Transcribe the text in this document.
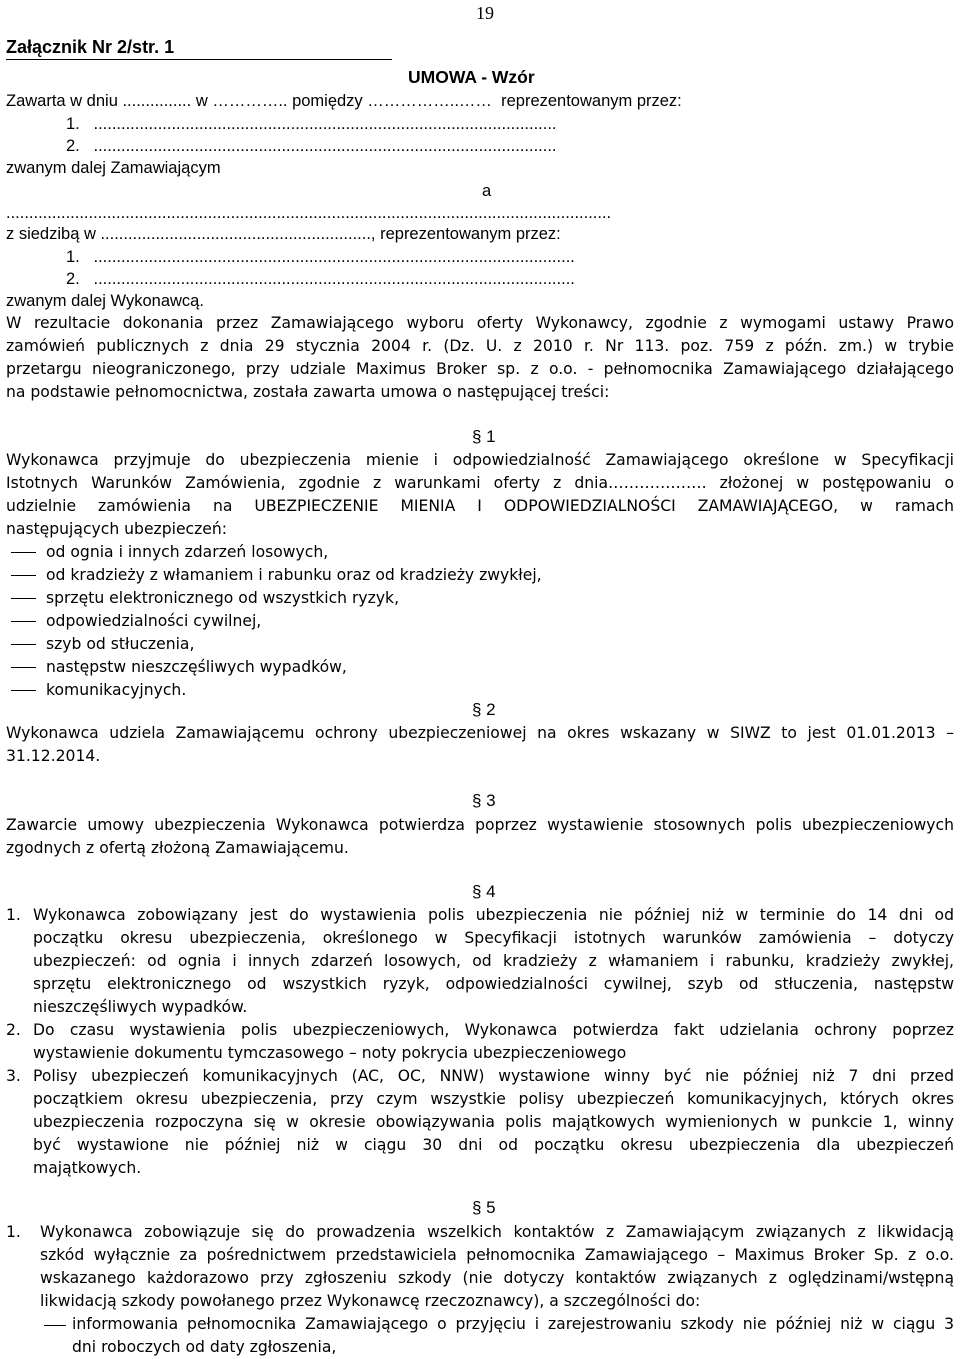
19
Załącznik Nr 2/str. 1
UMOWA - Wzór
Zawarta w dniu ............... w ………….. pomiędzy ……………..……  reprezentowanym przez:
1.   .....................................................................................................
2.   .....................................................................................................
zwanym dalej Zamawiającym
a
....................................................................................................................................
z siedzibą w ..........................................................., reprezentowanym przez:
1.   .........................................................................................................
2.   .........................................................................................................
zwanym dalej Wykonawcą.
W rezultacie dokonania przez Zamawiającego wyboru oferty Wykonawcy, zgodnie z wymogami ustawy Prawo
zamówień publicznych z dnia 29 stycznia 2004 r. (Dz. U. z 2010 r. Nr 113. poz. 759 z późn. zm.) w trybie
przetargu nieograniczonego, przy udziale Maximus Broker sp. z o.o. - pełnomocnika Zamawiającego działającego
na podstawie pełnomocnictwa, została zawarta umowa o następującej treści:
§ 1
Wykonawca przyjmuje do ubezpieczenia mienie i odpowiedzialność Zamawiającego określone w Specyfikacji
Istotnych Warunków Zamówienia, zgodnie z warunkami oferty z dnia………………. złożonej w postępowaniu o
udzielnie zamówienia na UBEZPIECZENIE MIENIA I ODPOWIEDZIALNOŚCI ZAMAWIAJĄCEGO, w ramach
następujących ubezpieczeń:
od ognia i innych zdarzeń losowych,
od kradzieży z włamaniem i rabunku oraz od kradzieży zwykłej,
sprzętu elektronicznego od wszystkich ryzyk,
odpowiedzialności cywilnej,
szyb od stłuczenia,
następstw nieszczęśliwych wypadków,
komunikacyjnych.
§ 2
Wykonawca udziela Zamawiającemu ochrony ubezpieczeniowej na okres wskazany w SIWZ to jest 01.01.2013 –
31.12.2014.
§ 3
Zawarcie umowy ubezpieczenia Wykonawca potwierdza poprzez wystawienie stosownych polis ubezpieczeniowych
zgodnych z ofertą złożoną Zamawiającemu.
§ 4
1. Wykonawca zobowiązany jest do wystawienia polis ubezpieczenia nie później niż w terminie do 14 dni od
początku okresu ubezpieczenia, określonego w Specyfikacji istotnych warunków zamówienia – dotyczy
ubezpieczeń: od ognia i innych zdarzeń losowych, od kradzieży z włamaniem i rabunku, kradzieży zwykłej,
sprzętu elektronicznego od wszystkich ryzyk, odpowiedzialności cywilnej, szyb od stłuczenia, następstw
nieszczęśliwych wypadków.
2. Do czasu wystawienia polis ubezpieczeniowych, Wykonawca potwierdza fakt udzielania ochrony poprzez
wystawienie dokumentu tymczasowego – noty pokrycia ubezpieczeniowego
3. Polisy ubezpieczeń komunikacyjnych (AC, OC, NNW) wystawione winny być nie później niż 7 dni przed
początkiem okresu ubezpieczenia, przy czym wszystkie polisy ubezpieczeń komunikacyjnych, których okres
ubezpieczenia rozpoczyna się w okresie obowiązywania polis majątkowych wymienionych w punkcie 1, winny
być wystawione nie później niż w ciągu 30 dni od początku okresu ubezpieczenia dla ubezpieczeń
majątkowych.
§ 5
1. Wykonawca zobowiązuje się do prowadzenia wszelkich kontaktów z Zamawiającym związanych z likwidacją
szkód wyłącznie za pośrednictwem przedstawiciela pełnomocnika Zamawiającego – Maximus Broker Sp. z o.o.
wskazanego każdorazowo przy zgłoszeniu szkody (nie dotyczy kontaktów związanych z oględzinami/wstępną
likwidacją szkody powołanego przez Wykonawcę rzeczoznawcy), a szczególności do:
informowania pełnomocnika Zamawiającego o przyjęciu i zarejestrowaniu szkody nie później niż w ciągu 3
dni roboczych od daty zgłoszenia,
